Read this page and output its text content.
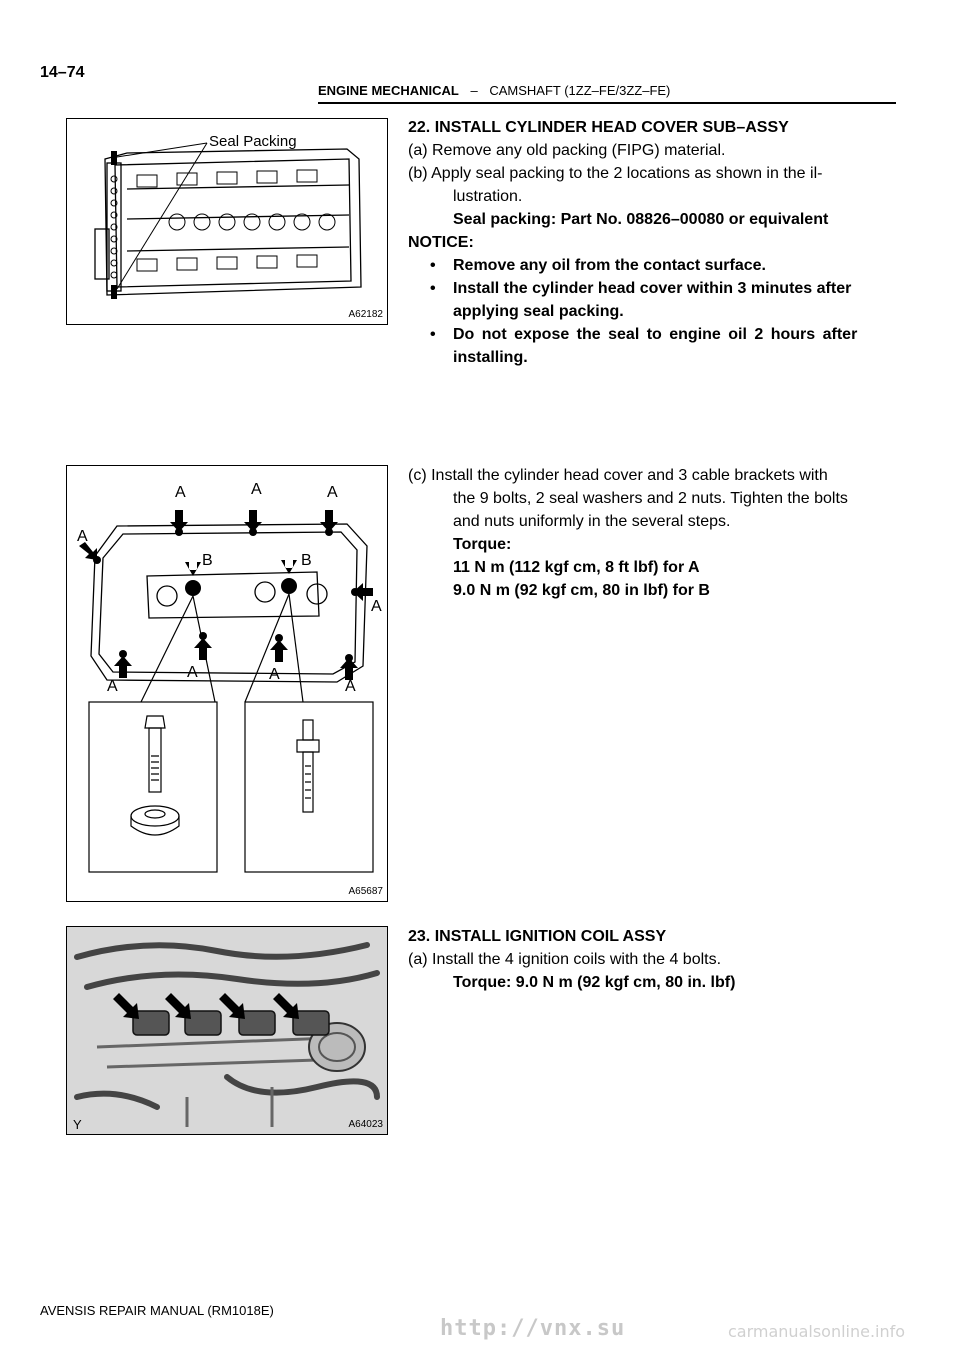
14–74
ENGINE MECHANICAL – CAMSHAFT (1ZZ–FE/3ZZ–FE)
Seal Packing
A62182
A	A	A
A
B	B
A
A
A	A
A
A65687
Y	A64023
22. INSTALL CYLINDER HEAD COVER SUB–ASSY
(a) Remove any old packing (FIPG) material.
(b) Apply seal packing to the 2 locations as shown in the il-
lustration.
Seal packing: Part No. 08826–00080 or equivalent
NOTICE:
• Remove any oil from the contact surface.
• Install the cylinder head cover within 3 minutes after
applying seal packing.
• Do not expose the seal to engine oil 2 hours after
installing.
(c) Install the cylinder head cover and 3 cable brackets with
the 9 bolts, 2 seal washers and 2 nuts. Tighten the bolts
and nuts uniformly in the several steps.
Torque:
11 N m (112 kgf cm, 8 ft lbf) for A
9.0 N m (92 kgf cm, 80 in lbf) for B
23. INSTALL IGNITION COIL ASSY
(a) Install the 4 ignition coils with the 4 bolts.
Torque: 9.0 N m (92 kgf cm, 80 in. lbf)
AVENSIS REPAIR MANUAL (RM1018E)
http://vnx.su	carmanualsonline.info
